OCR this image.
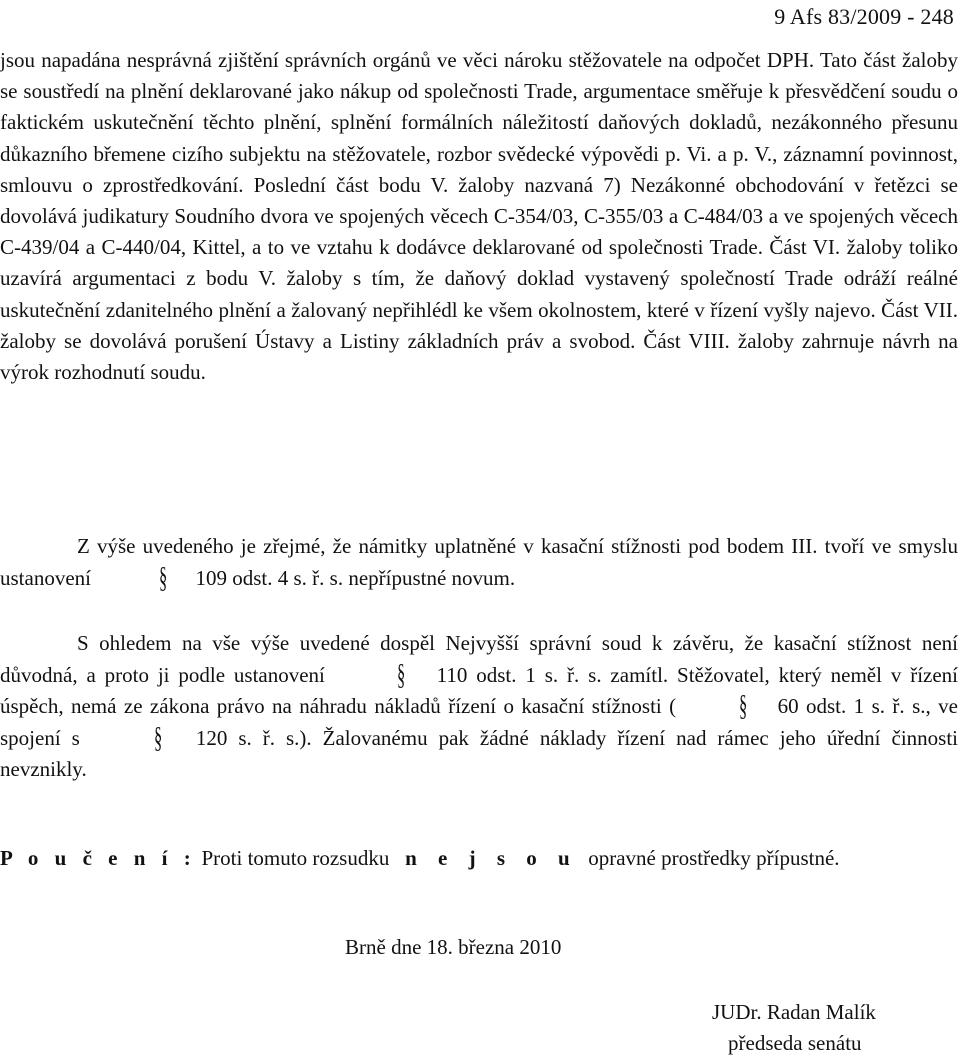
9 Afs 83/2009 - 248

jsou napadána nesprávná zjištění správních orgánů ve věci nároku stěžovatele na odpočet DPH. Tato část žaloby se soustředí na plnění deklarované jako nákup od společnosti Trade, argumentace směřuje k přesvědčení soudu o faktickém uskutečnění těchto plnění, splnění formálních náležitostí daňových dokladů, nezákonného přesunu důkazního břemene cizího subjektu na stěžovatele, rozbor svědecké výpovědi p. Vi. a p. V., záznamní povinnost, smlouvu o zprostředkování. Poslední část bodu V. žaloby nazvaná 7) Nezákonné obchodování v řetězci se dovolává judikatury Soudního dvora ve spojených věcech C-354/03, C-355/03 a C-484/03 a ve spojených věcech C-439/04 a C-440/04, Kittel, a to ve vztahu k dodávce deklarované od společnosti Trade. Část VI. žaloby toliko uzavírá argumentaci z bodu V. žaloby s tím, že daňový doklad vystavený společností Trade odráží reálné uskutečnění zdanitelného plnění a žalovaný nepřihlédl ke všem okolnostem, které v řízení vyšly najevo. Část VII. žaloby se dovolává porušení Ústavy a Listiny základních práv a svobod. Část VIII. žaloby zahrnuje návrh na výrok rozhodnutí soudu.

Z výše uvedeného je zřejmé, že námitky uplatněné v kasační stížnosti pod bodem III. tvoří ve smyslu ustanovení § 109 odst. 4 s. ř. s. nepřípustné novum.

S ohledem na vše výše uvedené dospěl Nejvyšší správní soud k závěru, že kasační stížnost není důvodná, a proto ji podle ustanovení § 110 odst. 1 s. ř. s. zamítl. Stěžovatel, který neměl v řízení úspěch, nemá ze zákona právo na náhradu nákladů řízení o kasační stížnosti ( § 60 odst. 1 s. ř. s., ve spojení s § 120 s. ř. s.). Žalovanému pak žádné náklady řízení nad rámec jeho úřední činnosti nevznikly.

P o u č e n í : Proti tomuto rozsudku n e j s o u opravné prostředky přípustné.
Brně dne 18. března 2010
JUDr. Radan Malík
předseda senátu
